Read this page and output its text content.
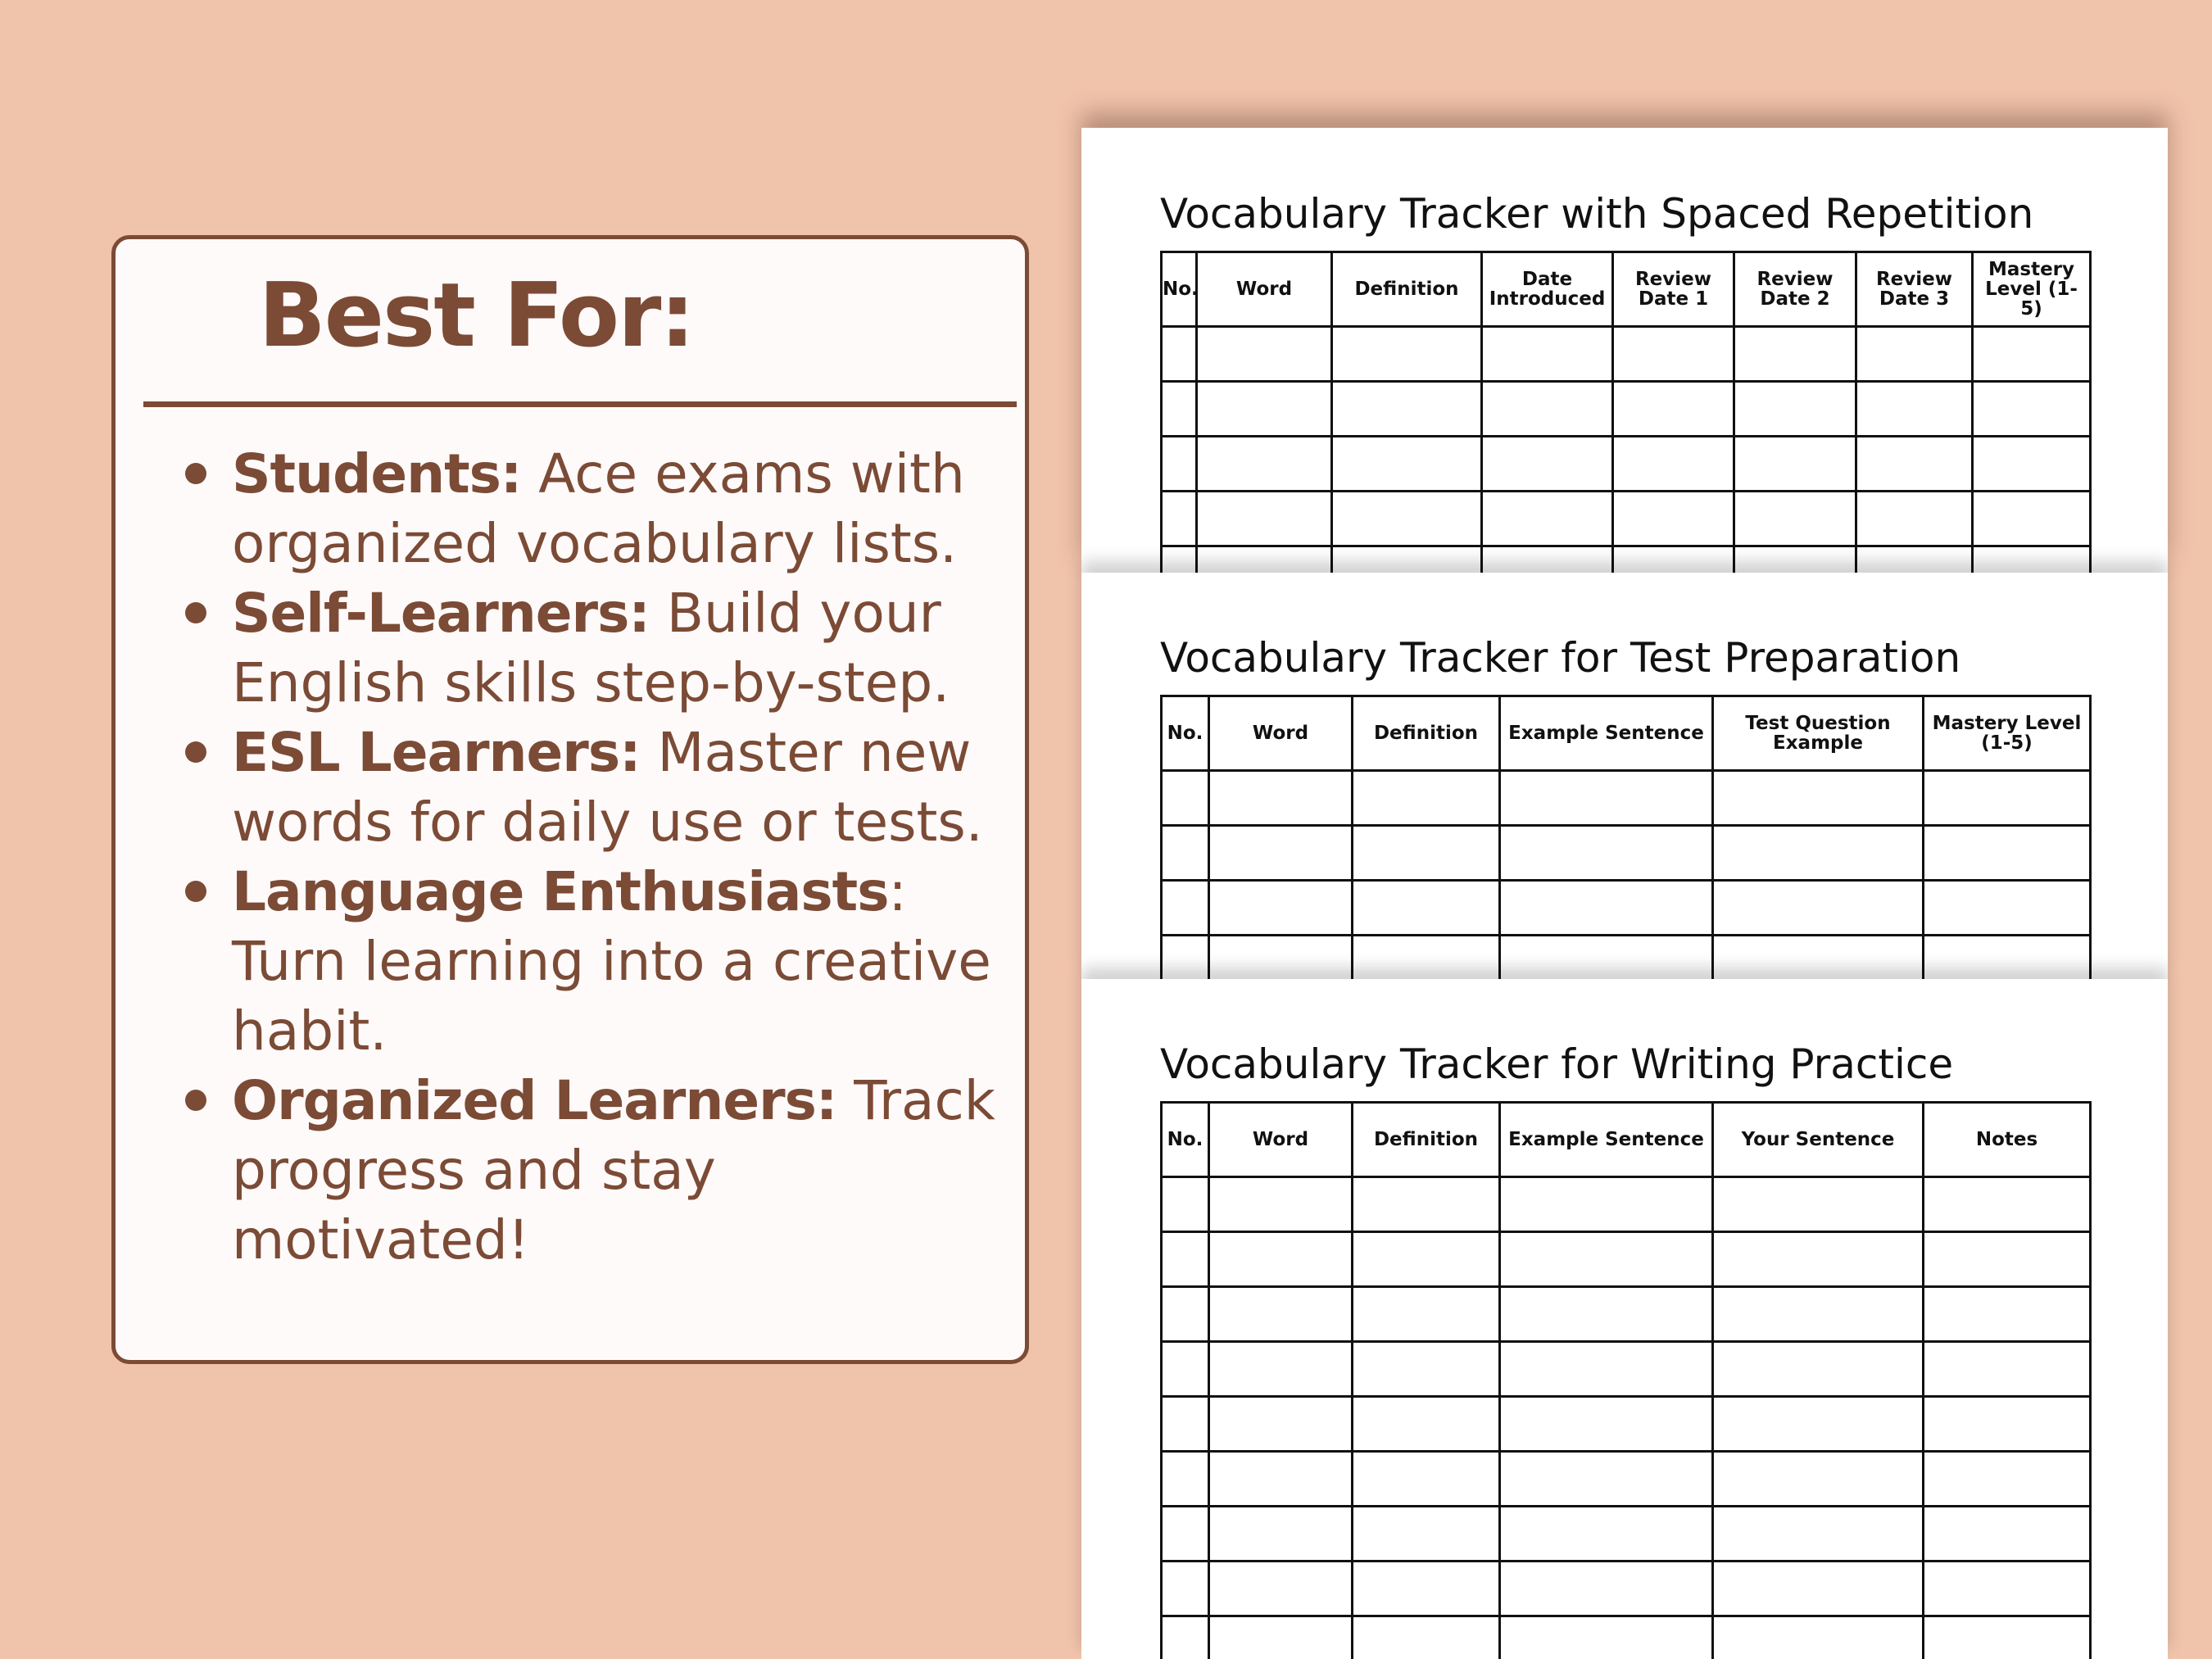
Best For:
Students: Ace exams with organized vocabulary lists.
Self-Learners: Build your English skills step-by-step.
ESL Learners: Master new words for daily use or tests.
Language Enthusiasts: Turn learning into a creative habit.
Organized Learners: Track progress and stay motivated!
Vocabulary Tracker with Spaced Repetition
No.	Word	Definition	Date Introduced	Review Date 1	Review Date 2	Review Date 3	Mastery Level (1-5)

Vocabulary Tracker for Test Preparation
No.	Word	Definition	Example Sentence	Test Question Example	Mastery Level (1-5)

Vocabulary Tracker for Writing Practice
No.	Word	Definition	Example Sentence	Your Sentence	Notes
